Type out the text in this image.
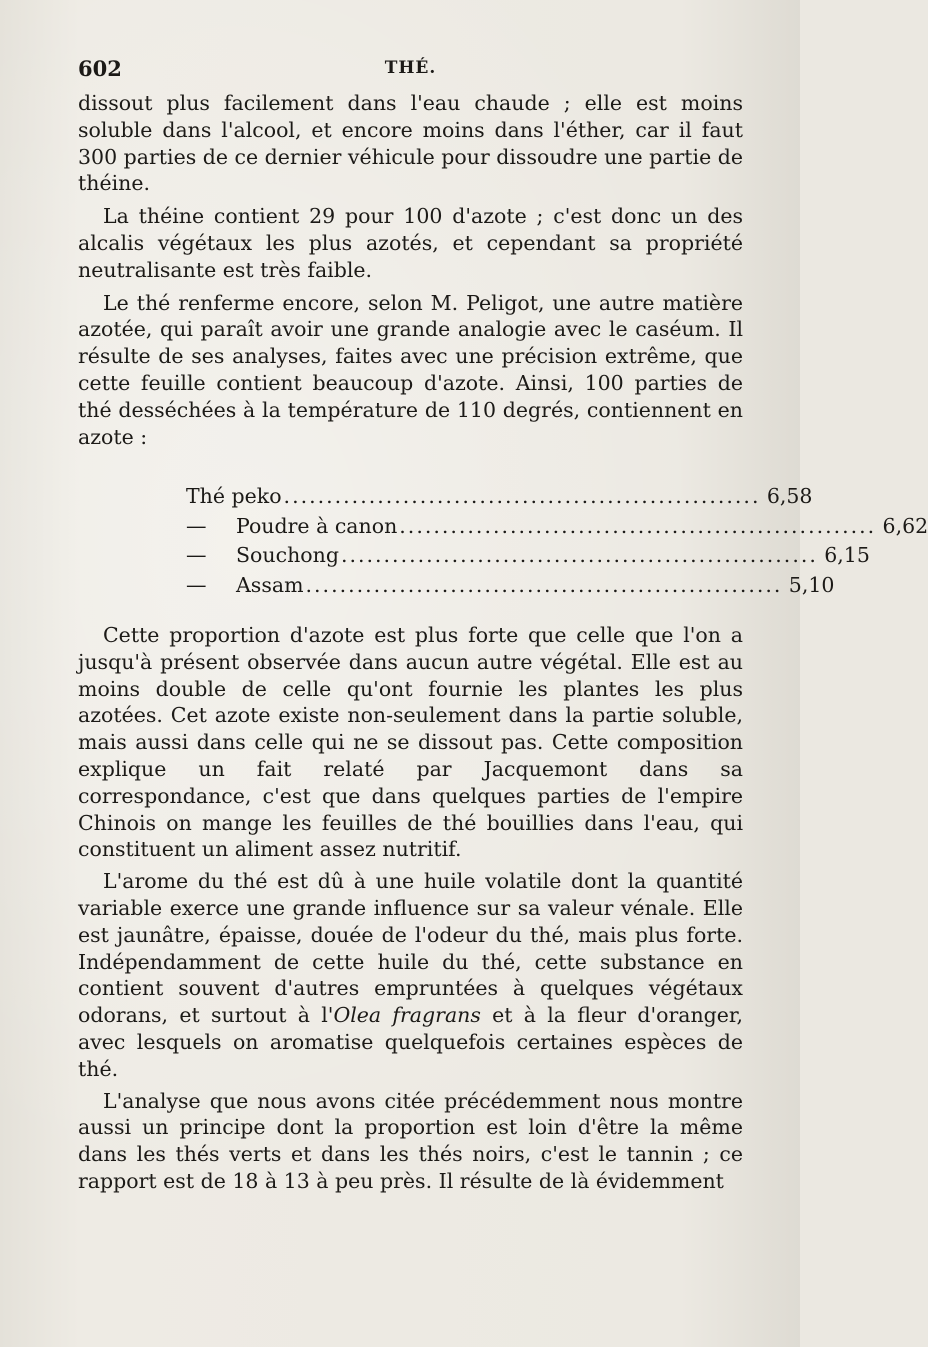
602	THÉ.

dissout plus facilement dans l'eau chaude ; elle est moins soluble dans l'alcool, et encore moins dans l'éther, car il faut 300 parties de ce dernier véhicule pour dissoudre une partie de théine.

La théine contient 29 pour 100 d'azote ; c'est donc un des alcalis végétaux les plus azotés, et cependant sa propriété neutralisante est très faible.

Le thé renferme encore, selon M. Peligot, une autre matière azotée, qui paraît avoir une grande analogie avec le caséum. Il résulte de ses analyses, faites avec une précision extrême, que cette feuille contient beaucoup d'azote. Ainsi, 100 parties de thé desséchées à la température de 110 degrés, contiennent en azote :

Thé peko ........................................................ 6,58
— Poudre à canon ........................................................ 6,62
— Souchong ........................................................ 6,15
— Assam ........................................................ 5,10

Cette proportion d'azote est plus forte que celle que l'on a jusqu'à présent observée dans aucun autre végétal. Elle est au moins double de celle qu'ont fournie les plantes les plus azotées. Cet azote existe non-seulement dans la partie soluble, mais aussi dans celle qui ne se dissout pas. Cette composition explique un fait relaté par Jacquemont dans sa correspondance, c'est que dans quelques parties de l'empire Chinois on mange les feuilles de thé bouillies dans l'eau, qui constituent un aliment assez nutritif.

L'arome du thé est dû à une huile volatile dont la quantité variable exerce une grande influence sur sa valeur vénale. Elle est jaunâtre, épaisse, douée de l'odeur du thé, mais plus forte. Indépendamment de cette huile du thé, cette substance en contient souvent d'autres empruntées à quelques végétaux odorans, et surtout à l'Olea fragrans et à la fleur d'oranger, avec lesquels on aromatise quelquefois certaines espèces de thé.

L'analyse que nous avons citée précédemment nous montre aussi un principe dont la proportion est loin d'être la même dans les thés verts et dans les thés noirs, c'est le tannin ; ce rapport est de 18 à 13 à peu près. Il résulte de là évidemment
